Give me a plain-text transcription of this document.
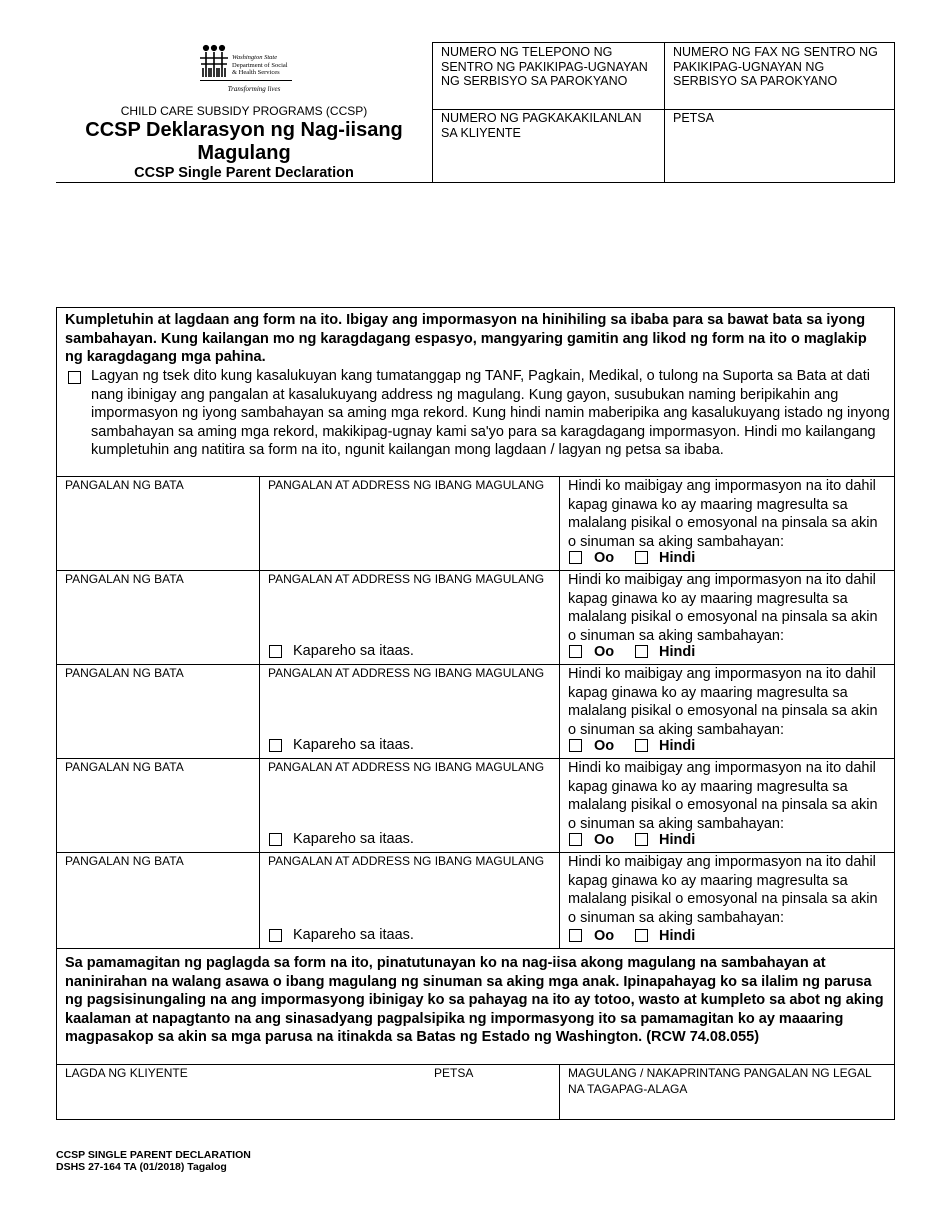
Washington State
Department of Social
& Health Services
Transforming lives
CHILD CARE SUBSIDY PROGRAMS (CCSP)
CCSP Deklarasyon ng Nag-iisang Magulang
CCSP Single Parent Declaration
NUMERO NG TELEPONO NG SENTRO NG PAKIKIPAG-UGNAYAN NG SERBISYO SA PAROKYANO
NUMERO NG FAX NG SENTRO NG PAKIKIPAG-UGNAYAN NG SERBISYO SA PAROKYANO
NUMERO NG PAGKAKAKILANLAN SA KLIYENTE
PETSA
Kumpletuhin at lagdaan ang form na ito. Ibigay ang impormasyon na hinihiling sa ibaba para sa bawat bata sa iyong sambahayan. Kung kailangan mo ng karagdagang espasyo, mangyaring gamitin ang likod ng form na ito o maglakip ng karagdagang mga pahina.
Lagyan ng tsek dito kung kasalukuyan kang tumatanggap ng TANF, Pagkain, Medikal, o tulong na Suporta sa Bata at dati nang ibinigay ang pangalan at kasalukuyang address ng magulang. Kung gayon, susubukan naming beripikahin ang impormasyon ng iyong sambahayan sa aming mga rekord. Kung hindi namin maberipika ang kasalukuyang istado ng inyong sambahayan sa aming mga rekord, makikipag-ugnay kami sa'yo para sa karagdagang impormasyon. Hindi mo kailangang kumpletuhin ang natitira sa form na ito, ngunit kailangan mong lagdaan / lagyan ng petsa sa ibaba.
PANGALAN NG BATA	PANGALAN AT ADDRESS NG IBANG MAGULANG	Hindi ko maibigay ang impormasyon na ito dahil kapag ginawa ko ay maaring magresulta sa malalang pisikal o emosyonal na pinsala sa akin o sinuman sa aking sambahayan:
Oo	Hindi
PANGALAN NG BATA	PANGALAN AT ADDRESS NG IBANG MAGULANG
Kapareho sa itaas.
Hindi ko maibigay ang impormasyon na ito dahil kapag ginawa ko ay maaring magresulta sa malalang pisikal o emosyonal na pinsala sa akin o sinuman sa aking sambahayan:
Oo	Hindi
PANGALAN NG BATA	PANGALAN AT ADDRESS NG IBANG MAGULANG
Kapareho sa itaas.
Hindi ko maibigay ang impormasyon na ito dahil kapag ginawa ko ay maaring magresulta sa malalang pisikal o emosyonal na pinsala sa akin o sinuman sa aking sambahayan:
Oo	Hindi
PANGALAN NG BATA	PANGALAN AT ADDRESS NG IBANG MAGULANG
Kapareho sa itaas.
Hindi ko maibigay ang impormasyon na ito dahil kapag ginawa ko ay maaring magresulta sa malalang pisikal o emosyonal na pinsala sa akin o sinuman sa aking sambahayan:
Oo	Hindi
PANGALAN NG BATA	PANGALAN AT ADDRESS NG IBANG MAGULANG
Kapareho sa itaas.
Hindi ko maibigay ang impormasyon na ito dahil kapag ginawa ko ay maaring magresulta sa malalang pisikal o emosyonal na pinsala sa akin o sinuman sa aking sambahayan:
Oo	Hindi
Sa pamamagitan ng paglagda sa form na ito, pinatutunayan ko na nag-iisa akong magulang na sambahayan at naninirahan na walang asawa o ibang magulang ng sinuman sa aking mga anak. Ipinapahayag ko sa ilalim ng parusa ng pagsisinungaling na ang impormasyong ibinigay ko sa pahayag na ito ay totoo, wasto at kumpleto sa abot ng aking kaalaman at napagtanto na ang sinasadyang pagpalsipika ng impormasyong ito sa pamamagitan ko ay maaaring magpasakop sa akin sa mga parusa na itinakda sa Batas ng Estado ng Washington. (RCW 74.08.055)
LAGDA NG KLIYENTE	PETSA	MAGULANG / NAKAPRINTANG PANGALAN NG LEGAL NA TAGAPAG-ALAGA
CCSP SINGLE PARENT DECLARATION
DSHS 27-164 TA (01/2018) Tagalog
